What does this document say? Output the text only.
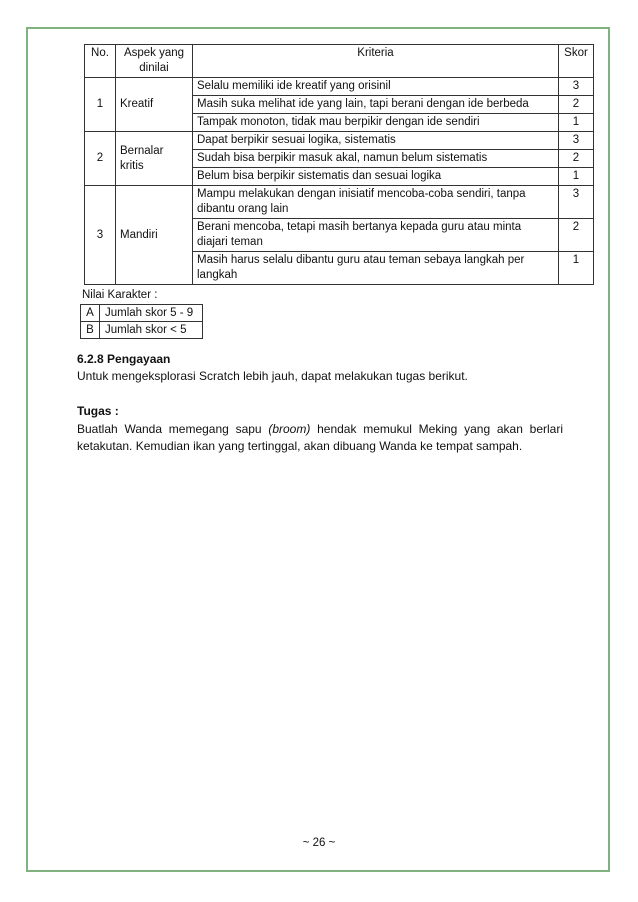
No.	Aspek yang dinilai	Kriteria	Skor
1	Kreatif	Selalu memiliki ide kreatif yang orisinil	3
		Masih suka melihat ide yang lain, tapi berani dengan ide berbeda	2
		Tampak monoton, tidak mau berpikir dengan ide sendiri	1
2	Bernalar kritis	Dapat berpikir sesuai logika, sistematis	3
		Sudah bisa berpikir masuk akal, namun belum sistematis	2
		Belum bisa berpikir sistematis dan sesuai logika	1
3	Mandiri	Mampu melakukan dengan inisiatif mencoba-coba sendiri, tanpa dibantu orang lain	3
		Berani mencoba, tetapi masih bertanya kepada guru atau minta diajari teman	2
		Masih harus selalu dibantu guru atau teman sebaya langkah per langkah	1
Nilai Karakter :
A	Jumlah skor 5 - 9
B	Jumlah skor < 5
6.2.8 Pengayaan
Untuk mengeksplorasi Scratch lebih jauh, dapat melakukan tugas berikut.
Tugas :
Buatlah Wanda memegang sapu (broom) hendak memukul Meking yang akan berlari ketakutan. Kemudian ikan yang tertinggal, akan dibuang Wanda ke tempat sampah.
~ 26 ~
